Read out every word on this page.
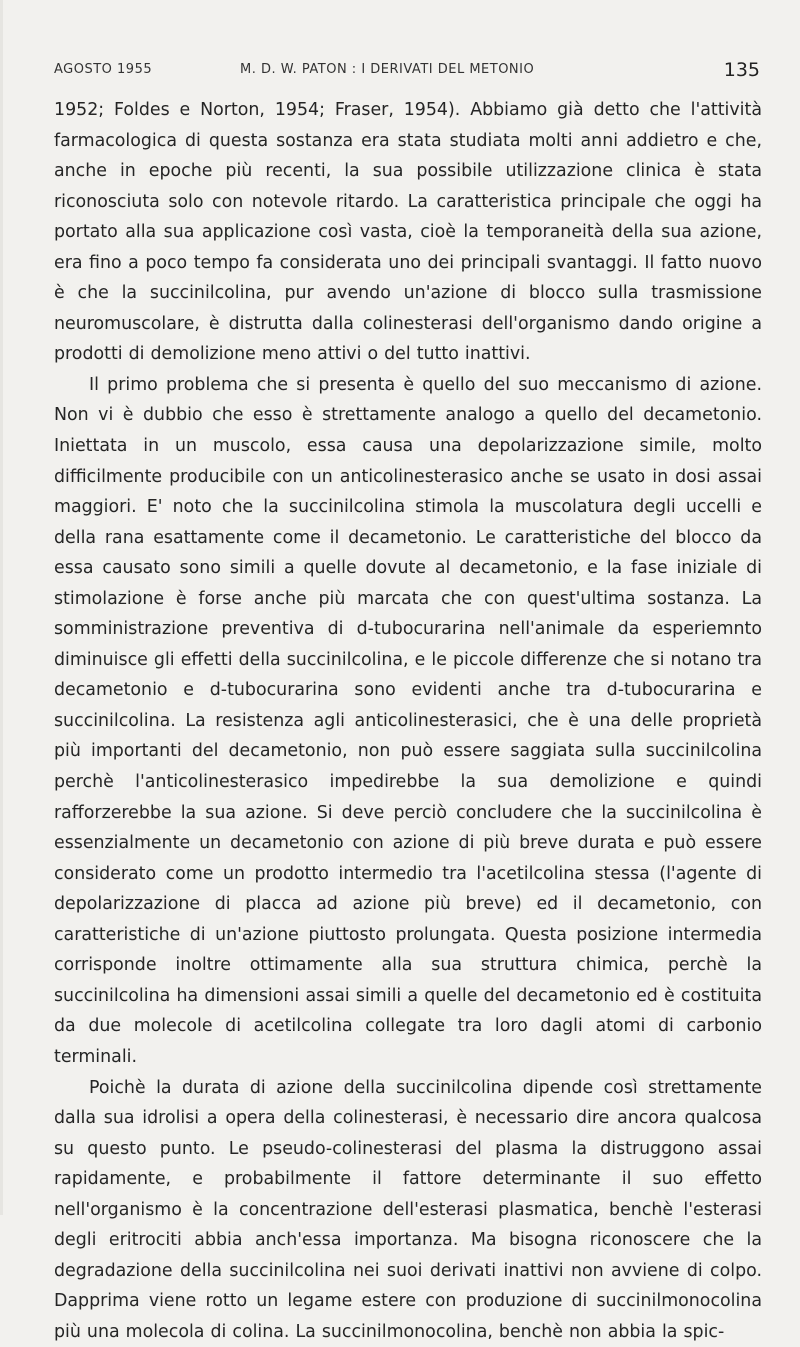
AGOSTO 1955	M. D. W. PATON : I DERIVATI DEL METONIO	135

1952; Foldes e Norton, 1954; Fraser, 1954). Abbiamo già detto che l'attività farmacologica di questa sostanza era stata studiata molti anni addietro e che, anche in epoche più recenti, la sua possibile utilizzazione clinica è stata riconosciuta solo con notevole ritardo. La caratteristica principale che oggi ha portato alla sua applicazione così vasta, cioè la temporaneità della sua azione, era fino a poco tempo fa considerata uno dei principali svantaggi. Il fatto nuovo è che la succinilcolina, pur avendo un'azione di blocco sulla trasmissione neuromuscolare, è distrutta dalla colinesterasi dell'organismo dando origine a prodotti di demolizione meno attivi o del tutto inattivi.

Il primo problema che si presenta è quello del suo meccanismo di azione. Non vi è dubbio che esso è strettamente analogo a quello del decametonio. Iniettata in un muscolo, essa causa una depolarizzazione simile, molto difficilmente producibile con un anticolinesterasico anche se usato in dosi assai maggiori. E' noto che la succinilcolina stimola la muscolatura degli uccelli e della rana esattamente come il decametonio. Le caratteristiche del blocco da essa causato sono simili a quelle dovute al decametonio, e la fase iniziale di stimolazione è forse anche più marcata che con quest'ultima sostanza. La somministrazione preventiva di d-tubocurarina nell'animale da esperiemnto diminuisce gli effetti della succinilcolina, e le piccole differenze che si notano tra decametonio e d-tubocurarina sono evidenti anche tra d-tubocurarina e succinilcolina. La resistenza agli anticolinesterasici, che è una delle proprietà più importanti del decametonio, non può essere saggiata sulla succinilcolina perchè l'anticolinesterasico impedirebbe la sua demolizione e quindi rafforzerebbe la sua azione. Si deve perciò concludere che la succinilcolina è essenzialmente un decametonio con azione di più breve durata e può essere considerato come un prodotto intermedio tra l'acetilcolina stessa (l'agente di depolarizzazione di placca ad azione più breve) ed il decametonio, con caratteristiche di un'azione piuttosto prolungata. Questa posizione intermedia corrisponde inoltre ottimamente alla sua struttura chimica, perchè la succinilcolina ha dimensioni assai simili a quelle del decametonio ed è costituita da due molecole di acetilcolina collegate tra loro dagli atomi di carbonio terminali.

Poichè la durata di azione della succinilcolina dipende così strettamente dalla sua idrolisi a opera della colinesterasi, è necessario dire ancora qualcosa su questo punto. Le pseudo-colinesterasi del plasma la distruggono assai rapidamente, e probabilmente il fattore determinante il suo effetto nell'organismo è la concentrazione dell'esterasi plasmatica, benchè l'esterasi degli eritrociti abbia anch'essa importanza. Ma bisogna riconoscere che la degradazione della succinilcolina nei suoi derivati inattivi non avviene di colpo. Dapprima viene rotto un legame estere con produzione di succinilmonocolina più una molecola di colina. La succinilmonocolina, benchè non abbia la spic-
